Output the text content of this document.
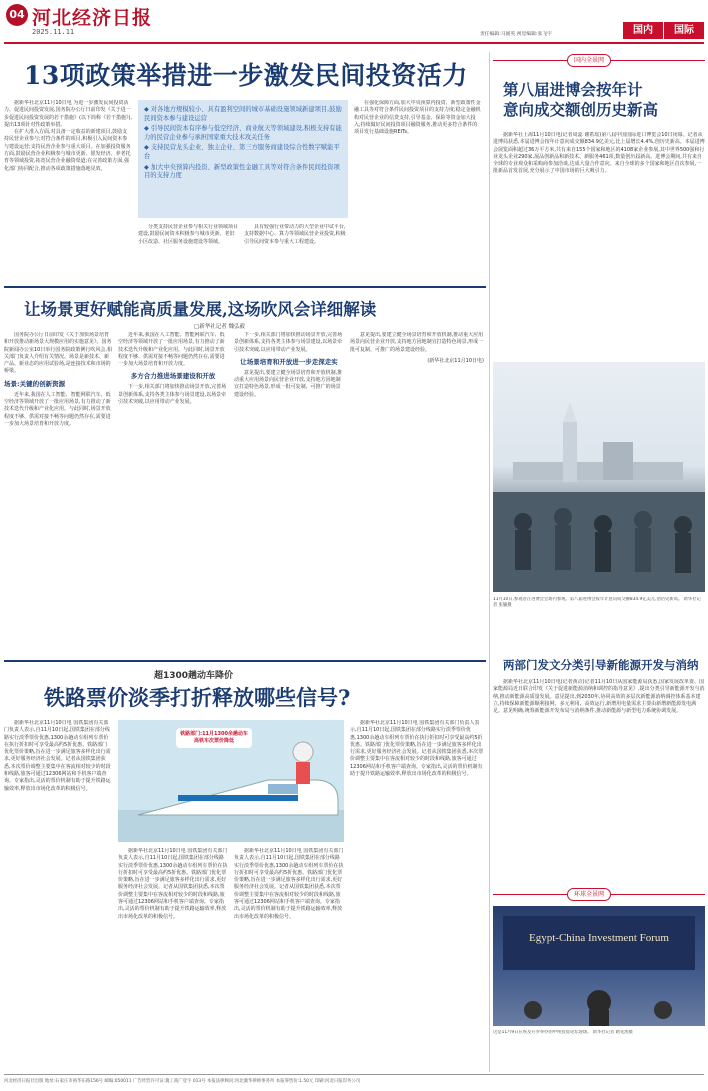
04 河北经济日报
2025.11.11	责任编辑:马媛英 视觉编辑:张飞宇	国内	国际
13项政策举措进一步激发民间投资活力

据新华社北京11月10日电 为进一步激发民间投资活力、促进民间投资发展,国务院办公厅日前印发《关于进一步促进民间投资发展的若干措施》(以下简称《若干措施》),提出13项针对性政策举措。

在扩大准入方面,对具备一定收益的新建项目,鼓励支持民营企业参与;对符合条件的项目,积极引入民间资本参与建设运营;支持民营企业参与重大项目。在加强投资服务方面,鼓励民营企业积极参与城市更新、银发经济、养老托育等领域投资,拓宽民营企业融资渠道;在完善政策方面,强化部门协同配合,推动各项政策措施落地见效。

◆ 对各地方规模较小、具有盈利空间的城市基础设施领域新建项目,鼓励民间资本参与建设运营
◆ 引导民间资本有序参与低空经济、商业航天等领域建设,积极支持有能力的民营企业参与承担国家重大技术攻关任务
◆ 支持民营龙头企业、独主企业、第三方服务商建设综合性数字赋能平台
◆ 加大中央预算内投资、新型政策性金融工具等对符合条件民间投资项目的支持力度
分类支持民营企业参与相关行业领域项目建设,鼓励民间资本积极参与城市更新、老旧小区改造、社区服务设施建设等领域。
具有较强行业带动力的大型企业中试平台,支持数据中心、算力等领域民营企业投资,积极引导民间资本参与重大工程建设。
在强化保障方面,加大中央预算内投资、新型政策性金融工具等对符合条件民间投资项目的支持力度;稳定金融机构对民营企业的信贷支持,引导基金、保险等资金加大投入;持续做好民间投资项目融资服务,推动更多符合条件的项目发行基础设施REITs。
国内全景网
第八届进博会按年计
意向成交额创历史新高
据新华社上海11月10日电(记者周蕊 谢希瑶)第八届中国国际进口博览会10日闭幕。记者从进博局获悉,本届进博会按年计意向成交额834.9亿美元,比上届增长4.4%,创历史新高。本届进博会展览面积超过36万平方米,共有来自155个国家和地区的4108家企业参展,其中世界500强和行业龙头企业290家,展品创新品和新技术、新服务461项,数量创历届新高。进博会期间,共有来自全球的专业观众和采购商参加洽谈,达成大量合作意向。来自全球的多个国家和地区首次参展,一批新品首发首展,充分展示了中国市场的巨大吸引力。
11月10日,参观者在进博会会场内参观。第八届进博会按年计意向成交额834.9亿美元,创历史新高。 新华社记者 张毓摄
让场景更好赋能高质量发展,这场吹风会详细解读
□新华社记者 魏弘毅

国务院办公厅日前印发《关于加快场景培育和开放推动新场景大规模应用的实施意见》。国务院新闻办公室10日举行国务院政策例行吹风会,相关部门负责人介绍有关情况。场景是新技术、新产品、新业态的应用试验场,是连接技术和市场的桥梁。

场景:关键的创新资源

近年来,我国在人工智能、智能网联汽车、低空经济等领域开放了一批应用场景,有力推动了新技术迭代升级和产业化应用。与此同时,场景开放程度不够、供需对接不畅等问题仍然存在,需要进一步加大场景培育和开放力度。

近年来,我国在人工智能、智能网联汽车、低空经济等领域开放了一批应用场景,有力推动了新技术迭代升级和产业化应用。与此同时,场景开放程度不够、供需对接不畅等问题仍然存在,需要进一步加大场景培育和开放力度。

多方合力推进场景建设和开放

下一步,相关部门将加快推动场景开放,完善场景创新体系,支持各类主体参与场景建设,以场景牵引技术突破,以应用带动产业发展。

下一步,相关部门将加快推动场景开放,完善场景创新体系,支持各类主体参与场景建设,以场景牵引技术突破,以应用带动产业发展。

让场景培育和开放进一步走深走实

意见提出,要建立健全场景培育和开放机制,推动重大应用场景向民营企业开放,支持地方因地制宜打造特色场景,形成一批可复制、可推广的场景建设经验。

意见提出,要建立健全场景培育和开放机制,推动重大应用场景向民营企业开放,支持地方因地制宜打造特色场景,形成一批可复制、可推广的场景建设经验。

(新华社北京11月10日电)
超1300趟动车降价
铁路票价淡季打折释放哪些信号?
据新华社北京11月10日电 国铁集团有关部门负责人表示,自11月10日起,国铁集团在部分线路实行淡季票价优惠,1300余趟动车组列车票价在执行折扣时可享受最高约5折优惠。铁路部门优化票价策略,旨在进一步满足旅客多样化出行需求,更好服务经济社会发展。记者从国铁集团获悉,本次票价调整主要集中在客流相对较少的时段和线路,旅客可通过12306网站和手机客户端查询。专家指出,灵活的票价机制有助于提升铁路运输效率,释放出市场化改革的积极信号。
铁路部门:11月1300余趟动车高铁车次票价降低
据新华社北京11月10日电 国铁集团有关部门负责人表示,自11月10日起,国铁集团在部分线路实行淡季票价优惠,1300余趟动车组列车票价在执行折扣时可享受最高约5折优惠。铁路部门优化票价策略,旨在进一步满足旅客多样化出行需求,更好服务经济社会发展。记者从国铁集团获悉,本次票价调整主要集中在客流相对较少的时段和线路,旅客可通过12306网站和手机客户端查询。专家指出,灵活的票价机制有助于提升铁路运输效率,释放出市场化改革的积极信号。
据新华社北京11月10日电 国铁集团有关部门负责人表示,自11月10日起,国铁集团在部分线路实行淡季票价优惠,1300余趟动车组列车票价在执行折扣时可享受最高约5折优惠。铁路部门优化票价策略,旨在进一步满足旅客多样化出行需求,更好服务经济社会发展。记者从国铁集团获悉,本次票价调整主要集中在客流相对较少的时段和线路,旅客可通过12306网站和手机客户端查询。专家指出,灵活的票价机制有助于提升铁路运输效率,释放出市场化改革的积极信号。
据新华社北京11月10日电 国铁集团有关部门负责人表示,自11月10日起,国铁集团在部分线路实行淡季票价优惠,1300余趟动车组列车票价在执行折扣时可享受最高约5折优惠。铁路部门优化票价策略,旨在进一步满足旅客多样化出行需求,更好服务经济社会发展。记者从国铁集团获悉,本次票价调整主要集中在客流相对较少的时段和线路,旅客可通过12306网站和手机客户端查询。专家指出,灵活的票价机制有助于提升铁路运输效率,释放出市场化改革的积极信号。
两部门发文分类引导新能源开发与消纳
据新华社北京11月10日电(记者黄垚)记者11月10日从国家能源局获悉,国家发展改革委、国家能源局近日联合印发《关于促进新能源消纳和调控的指导意见》,提出分类引导新能源开发与消纳,推动新能源高质量发展。意见提出,到2030年,协同高效的多层次新能源消纳调控体系基本建立,持续保障新能源顺利接网、多元利用、高效运行,新增用电量需求主要由新增新能源发电满足。意见明确,统筹新能源开发布局与消纳条件,推动新能源与新型电力系统协调发展。
环球全景网
Egypt-China Investment Forum
这是11月9日在埃及开罗举办的中埃投资论坛现场。 新华社记者 隋先凯摄
河北经济日报社出版 地址:石家庄市裕华东路156号 邮编:050011 广告经营许可证:冀工商广登字 013号 本报法律顾问:河北冀华律师事务所 本报零售价:1.50元 印刷:河北日报印务公司
